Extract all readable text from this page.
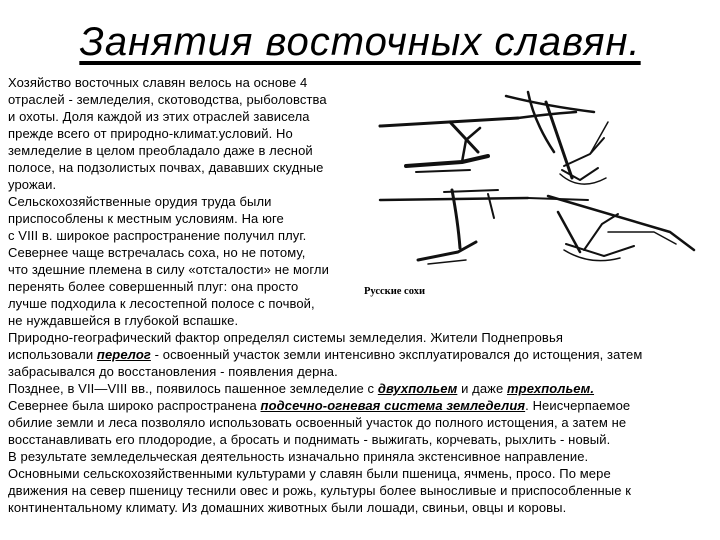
Занятия восточных славян.
Русские сохи
Хозяйство восточных славян велось на основе 4
отраслей - земледелия, скотоводства, рыболовства
и охоты. Доля каждой из этих отраслей зависела
прежде всего от природно-климат.условий. Но
земледелие в целом преобладало даже в лесной
полосе, на подзолистых почвах, дававших скудные
урожаи.
Сельскохозяйственные орудия труда были
приспособлены к местным условиям. На юге
с VIII в. широкое распространение получил плуг.
Севернее чаще встречалась соха, но не потому,
что здешние племена в силу «отсталости» не могли
перенять более совершенный плуг: она просто
лучше подходила к лесостепной полосе с почвой,
не нуждавшейся в глубокой вспашке.
Природно-географический фактор определял системы земледелия. Жители Поднепровья
использовали перелог - освоенный участок земли интенсивно эксплуатировался до истощения, затем
забрасывался до восстановления - появления дерна.
Позднее, в VII—VIII вв., появилось пашенное земледелие с двухпольем и даже трехпольем.
Севернее была широко распространена подсечно-огневая система земледелия. Неисчерпаемое
обилие земли и леса позволяло использовать освоенный участок до полного истощения, а затем не
восстанавливать его плодородие, а бросать и поднимать - выжигать, корчевать, рыхлить - новый.
В результате земледельческая деятельность изначально приняла экстенсивное направление.
Основными сельскохозяйственными культурами у славян были пшеница, ячмень, просо. По мере
движения на север пшеницу теснили овес и рожь, культуры более выносливые и приспособленные к
континентальному климату. Из домашних животных были лошади, свиньи, овцы и коровы.
